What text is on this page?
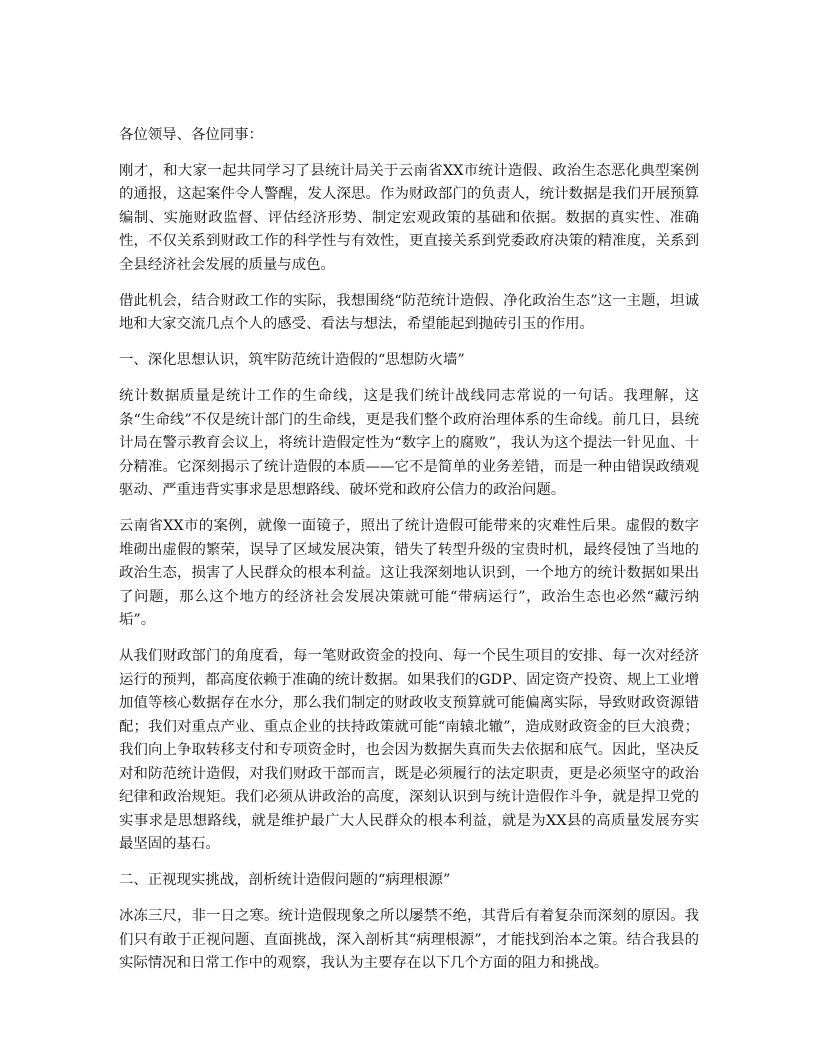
各位领导、各位同事：

刚才，和大家一起共同学习了县统计局关于云南省XX市统计造假、政治生态恶化典型案例的通报，这起案件令人警醒，发人深思。作为财政部门的负责人，统计数据是我们开展预算编制、实施财政监督、评估经济形势、制定宏观政策的基础和依据。数据的真实性、准确性，不仅关系到财政工作的科学性与有效性，更直接关系到党委政府决策的精准度，关系到全县经济社会发展的质量与成色。

借此机会，结合财政工作的实际，我想围绕“防范统计造假、净化政治生态”这一主题，坦诚地和大家交流几点个人的感受、看法与想法，希望能起到抛砖引玉的作用。

一、深化思想认识，筑牢防范统计造假的“思想防火墙”

统计数据质量是统计工作的生命线，这是我们统计战线同志常说的一句话。我理解，这条“生命线”不仅是统计部门的生命线，更是我们整个政府治理体系的生命线。前几日，县统计局在警示教育会议上，将统计造假定性为“数字上的腐败”，我认为这个提法一针见血、十分精准。它深刻揭示了统计造假的本质——它不是简单的业务差错，而是一种由错误政绩观驱动、严重违背实事求是思想路线、破坏党和政府公信力的政治问题。

云南省XX市的案例，就像一面镜子，照出了统计造假可能带来的灾难性后果。虚假的数字堆砌出虚假的繁荣，误导了区域发展决策，错失了转型升级的宝贵时机，最终侵蚀了当地的政治生态，损害了人民群众的根本利益。这让我深刻地认识到，一个地方的统计数据如果出了问题，那么这个地方的经济社会发展决策就可能“带病运行”，政治生态也必然“藏污纳垢”。

从我们财政部门的角度看，每一笔财政资金的投向、每一个民生项目的安排、每一次对经济运行的预判，都高度依赖于准确的统计数据。如果我们的GDP、固定资产投资、规上工业增加值等核心数据存在水分，那么我们制定的财政收支预算就可能偏离实际，导致财政资源错配；我们对重点产业、重点企业的扶持政策就可能“南辕北辙”，造成财政资金的巨大浪费；我们向上争取转移支付和专项资金时，也会因为数据失真而失去依据和底气。因此，坚决反对和防范统计造假，对我们财政干部而言，既是必须履行的法定职责，更是必须坚守的政治纪律和政治规矩。我们必须从讲政治的高度，深刻认识到与统计造假作斗争，就是捍卫党的实事求是思想路线，就是维护最广大人民群众的根本利益，就是为XX县的高质量发展夯实最坚固的基石。

二、正视现实挑战，剖析统计造假问题的“病理根源”

冰冻三尺，非一日之寒。统计造假现象之所以屡禁不绝，其背后有着复杂而深刻的原因。我们只有敢于正视问题、直面挑战，深入剖析其“病理根源”，才能找到治本之策。结合我县的实际情况和日常工作中的观察，我认为主要存在以下几个方面的阻力和挑战。
